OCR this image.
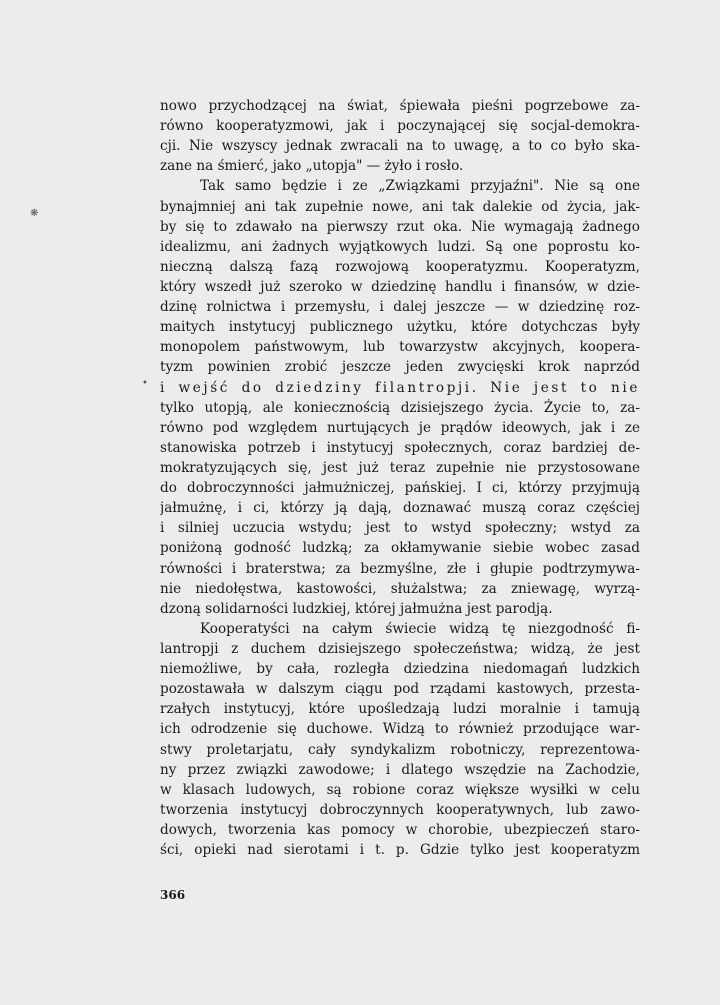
❋
•
nowo przychodzącej na świat, śpiewała pieśni pogrzebowe za-
równo kooperatyzmowi, jak i poczynającej się socjal-demokra-
cji. Nie wszyscy jednak zwracali na to uwagę, a to co było ska-
zane na śmierć, jako „utopja" — żyło i rosło.
Tak samo będzie i ze „Związkami przyjaźni". Nie są one
bynajmniej ani tak zupełnie nowe, ani tak dalekie od życia, jak-
by się to zdawało na pierwszy rzut oka. Nie wymagają żadnego
idealizmu, ani żadnych wyjątkowych ludzi. Są one poprostu ko-
nieczną dalszą fazą rozwojową kooperatyzmu. Kooperatyzm,
który wszedł już szeroko w dziedzinę handlu i finansów, w dzie-
dzinę rolnictwa i przemysłu, i dalej jeszcze — w dziedzinę roz-
maitych instytucyj publicznego użytku, które dotychczas były
monopolem państwowym, lub towarzystw akcyjnych, koopera-
tyzm powinien zrobić jeszcze jeden zwycięski krok naprzód
i wejść do dziedziny filantropji. Nie jest to nie
tylko utopją, ale koniecznością dzisiejszego życia. Życie to, za-
równo pod względem nurtujących je prądów ideowych, jak i ze
stanowiska potrzeb i instytucyj społecznych, coraz bardziej de-
mokratyzujących się, jest już teraz zupełnie nie przystosowane
do dobroczynności jałmużniczej, pańskiej. I ci, którzy przyjmują
jałmużnę, i ci, którzy ją dają, doznawać muszą coraz częściej
i silniej uczucia wstydu; jest to wstyd społeczny; wstyd za
poniżoną godność ludzką; za okłamywanie siebie wobec zasad
równości i braterstwa; za bezmyślne, złe i głupie podtrzymywa-
nie niedołęstwa, kastowości, służalstwa; za zniewagę, wyrzą-
dzoną solidarności ludzkiej, której jałmużna jest parodją.
Kooperatyści na całym świecie widzą tę niezgodność fi-
lantropji z duchem dzisiejszego społeczeństwa; widzą, że jest
niemożliwe, by cała, rozległa dziedzina niedomagań ludzkich
pozostawała w dalszym ciągu pod rządami kastowych, przesta-
rzałych instytucyj, które upośledzają ludzi moralnie i tamują
ich odrodzenie się duchowe. Widzą to również przodujące war-
stwy proletarjatu, cały syndykalizm robotniczy, reprezentowa-
ny przez związki zawodowe; i dlatego wszędzie na Zachodzie,
w klasach ludowych, są robione coraz większe wysiłki w celu
tworzenia instytucyj dobroczynnych kooperatywnych, lub zawo-
dowych, tworzenia kas pomocy w chorobie, ubezpieczeń staro-
ści, opieki nad sierotami i t. p. Gdzie tylko jest kooperatyzm
366
